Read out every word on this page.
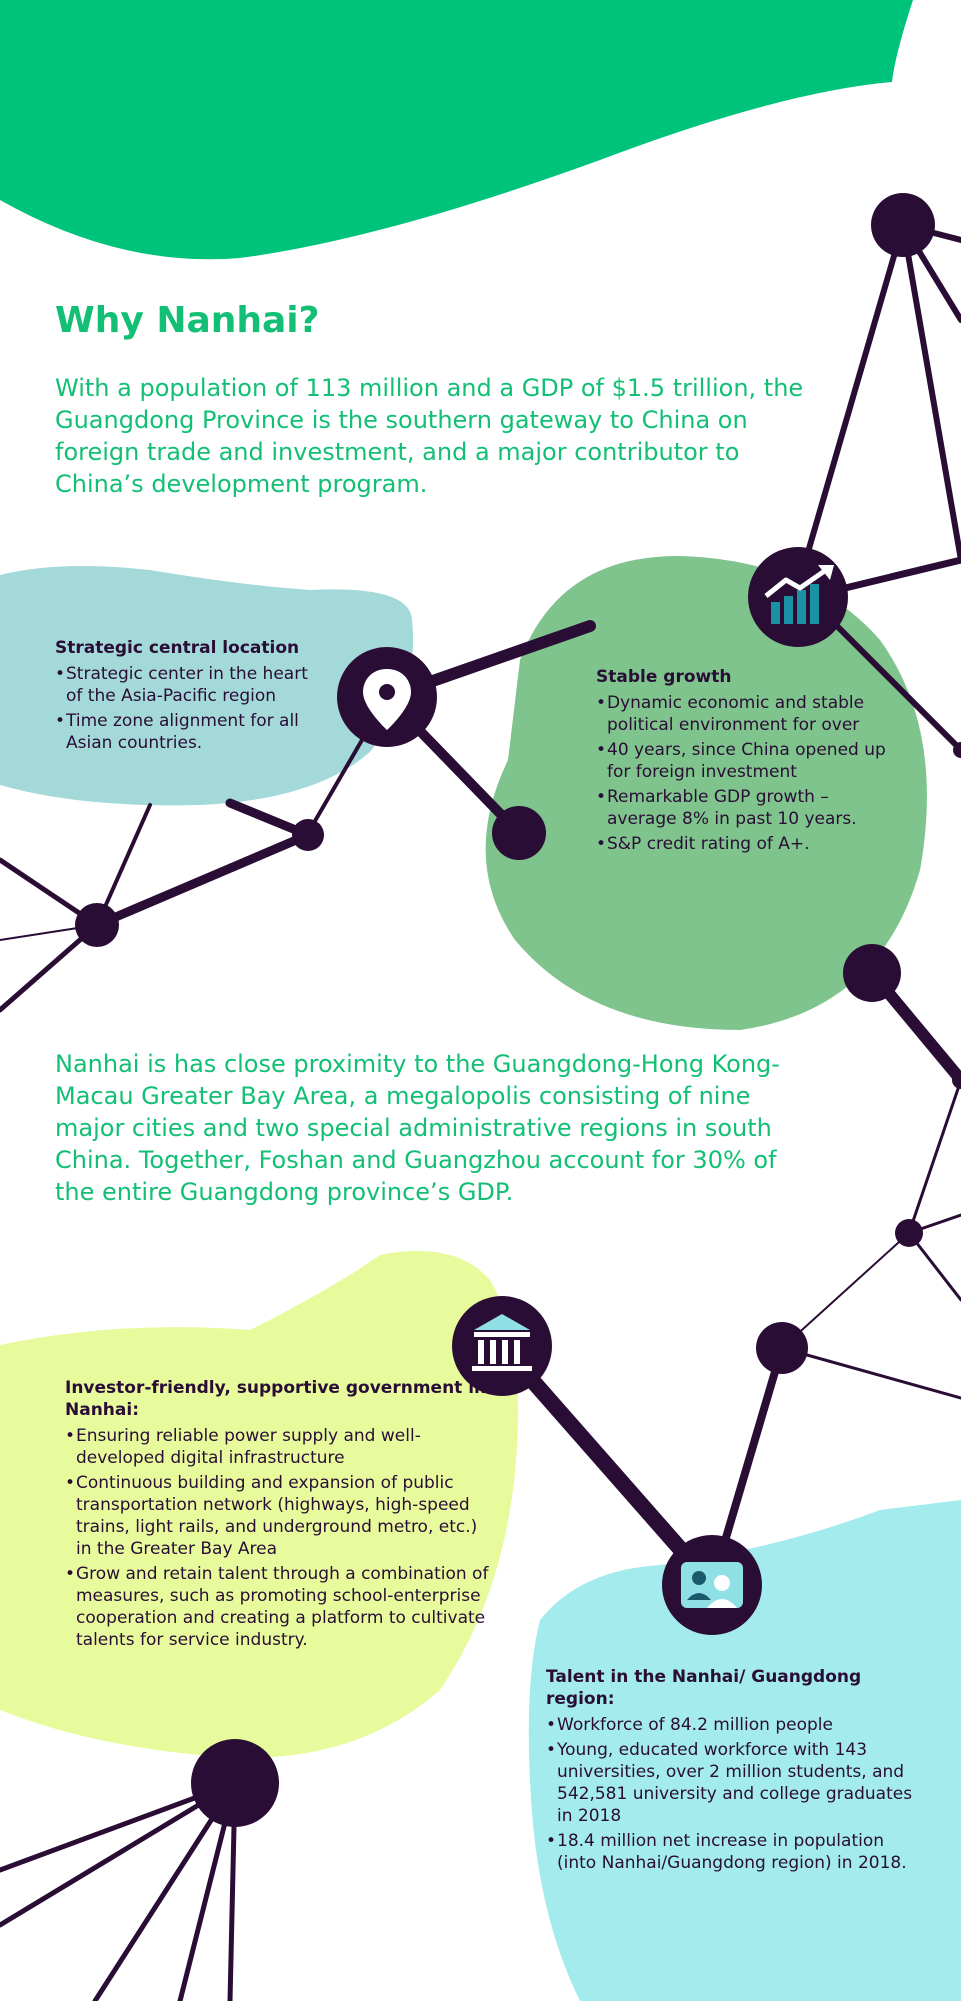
Why Nanhai?

With a population of 113 million and a GDP of $1.5 trillion, the Guangdong Province is the southern gateway to China on foreign trade and investment, and a major contributor to China’s development program.

Strategic central location
• Strategic center in the heart of the Asia-Pacific region
• Time zone alignment for all Asian countries.
Stable growth
• Dynamic economic and stable political environment for over
• 40 years, since China opened up for foreign investment
• Remarkable GDP growth – average 8% in past 10 years.
• S&P credit rating of A+.

Nanhai is has close proximity to the Guangdong-Hong Kong-Macau Greater Bay Area, a megalopolis consisting of nine major cities and two special administrative regions in south China. Together, Foshan and Guangzhou account for 30% of the entire Guangdong province’s GDP.

Investor-friendly, supportive government in Nanhai:
• Ensuring reliable power supply and well-developed digital infrastructure
• Continuous building and expansion of public transportation network (highways, high-speed trains, light rails, and underground metro, etc.) in the Greater Bay Area
• Grow and retain talent through a combination of measures, such as promoting school-enterprise cooperation and creating a platform to cultivate talents for service industry.
Talent in the Nanhai/ Guangdong region:
• Workforce of 84.2 million people
• Young, educated workforce with 143 universities, over 2 million students, and 542,581 university and college graduates in 2018
• 18.4 million net increase in population (into Nanhai/Guangdong region) in 2018.
